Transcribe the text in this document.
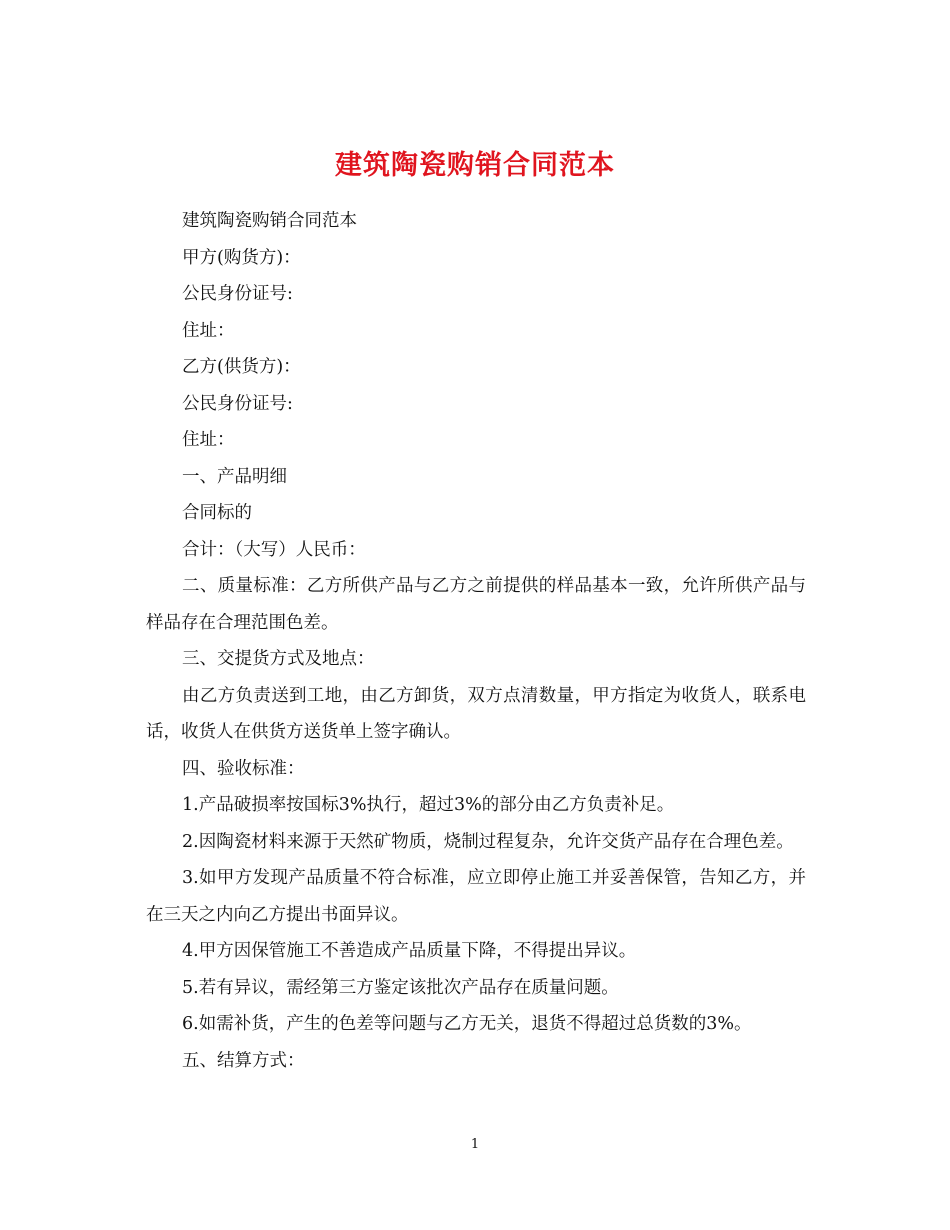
建筑陶瓷购销合同范本

建筑陶瓷购销合同范本

甲方(购货方)：

公民身份证号:

住址：

乙方(供货方)：

公民身份证号:

住址：

一、产品明细

合同标的

合计：（大写）人民币：

二、质量标准：乙方所供产品与乙方之前提供的样品基本一致，允许所供产品与样品存在合理范围色差。

三、交提货方式及地点：

由乙方负责送到工地，由乙方卸货，双方点清数量，甲方指定为收货人，联系电话，收货人在供货方送货单上签字确认。

四、验收标准：

1.产品破损率按国标3%执行，超过3%的部分由乙方负责补足。

2.因陶瓷材料来源于天然矿物质，烧制过程复杂，允许交货产品存在合理色差。

3.如甲方发现产品质量不符合标准，应立即停止施工并妥善保管，告知乙方，并在三天之内向乙方提出书面异议。

4.甲方因保管施工不善造成产品质量下降，不得提出异议。

5.若有异议，需经第三方鉴定该批次产品存在质量问题。

6.如需补货，产生的色差等问题与乙方无关，退货不得超过总货数的3%。

五、结算方式：

1
